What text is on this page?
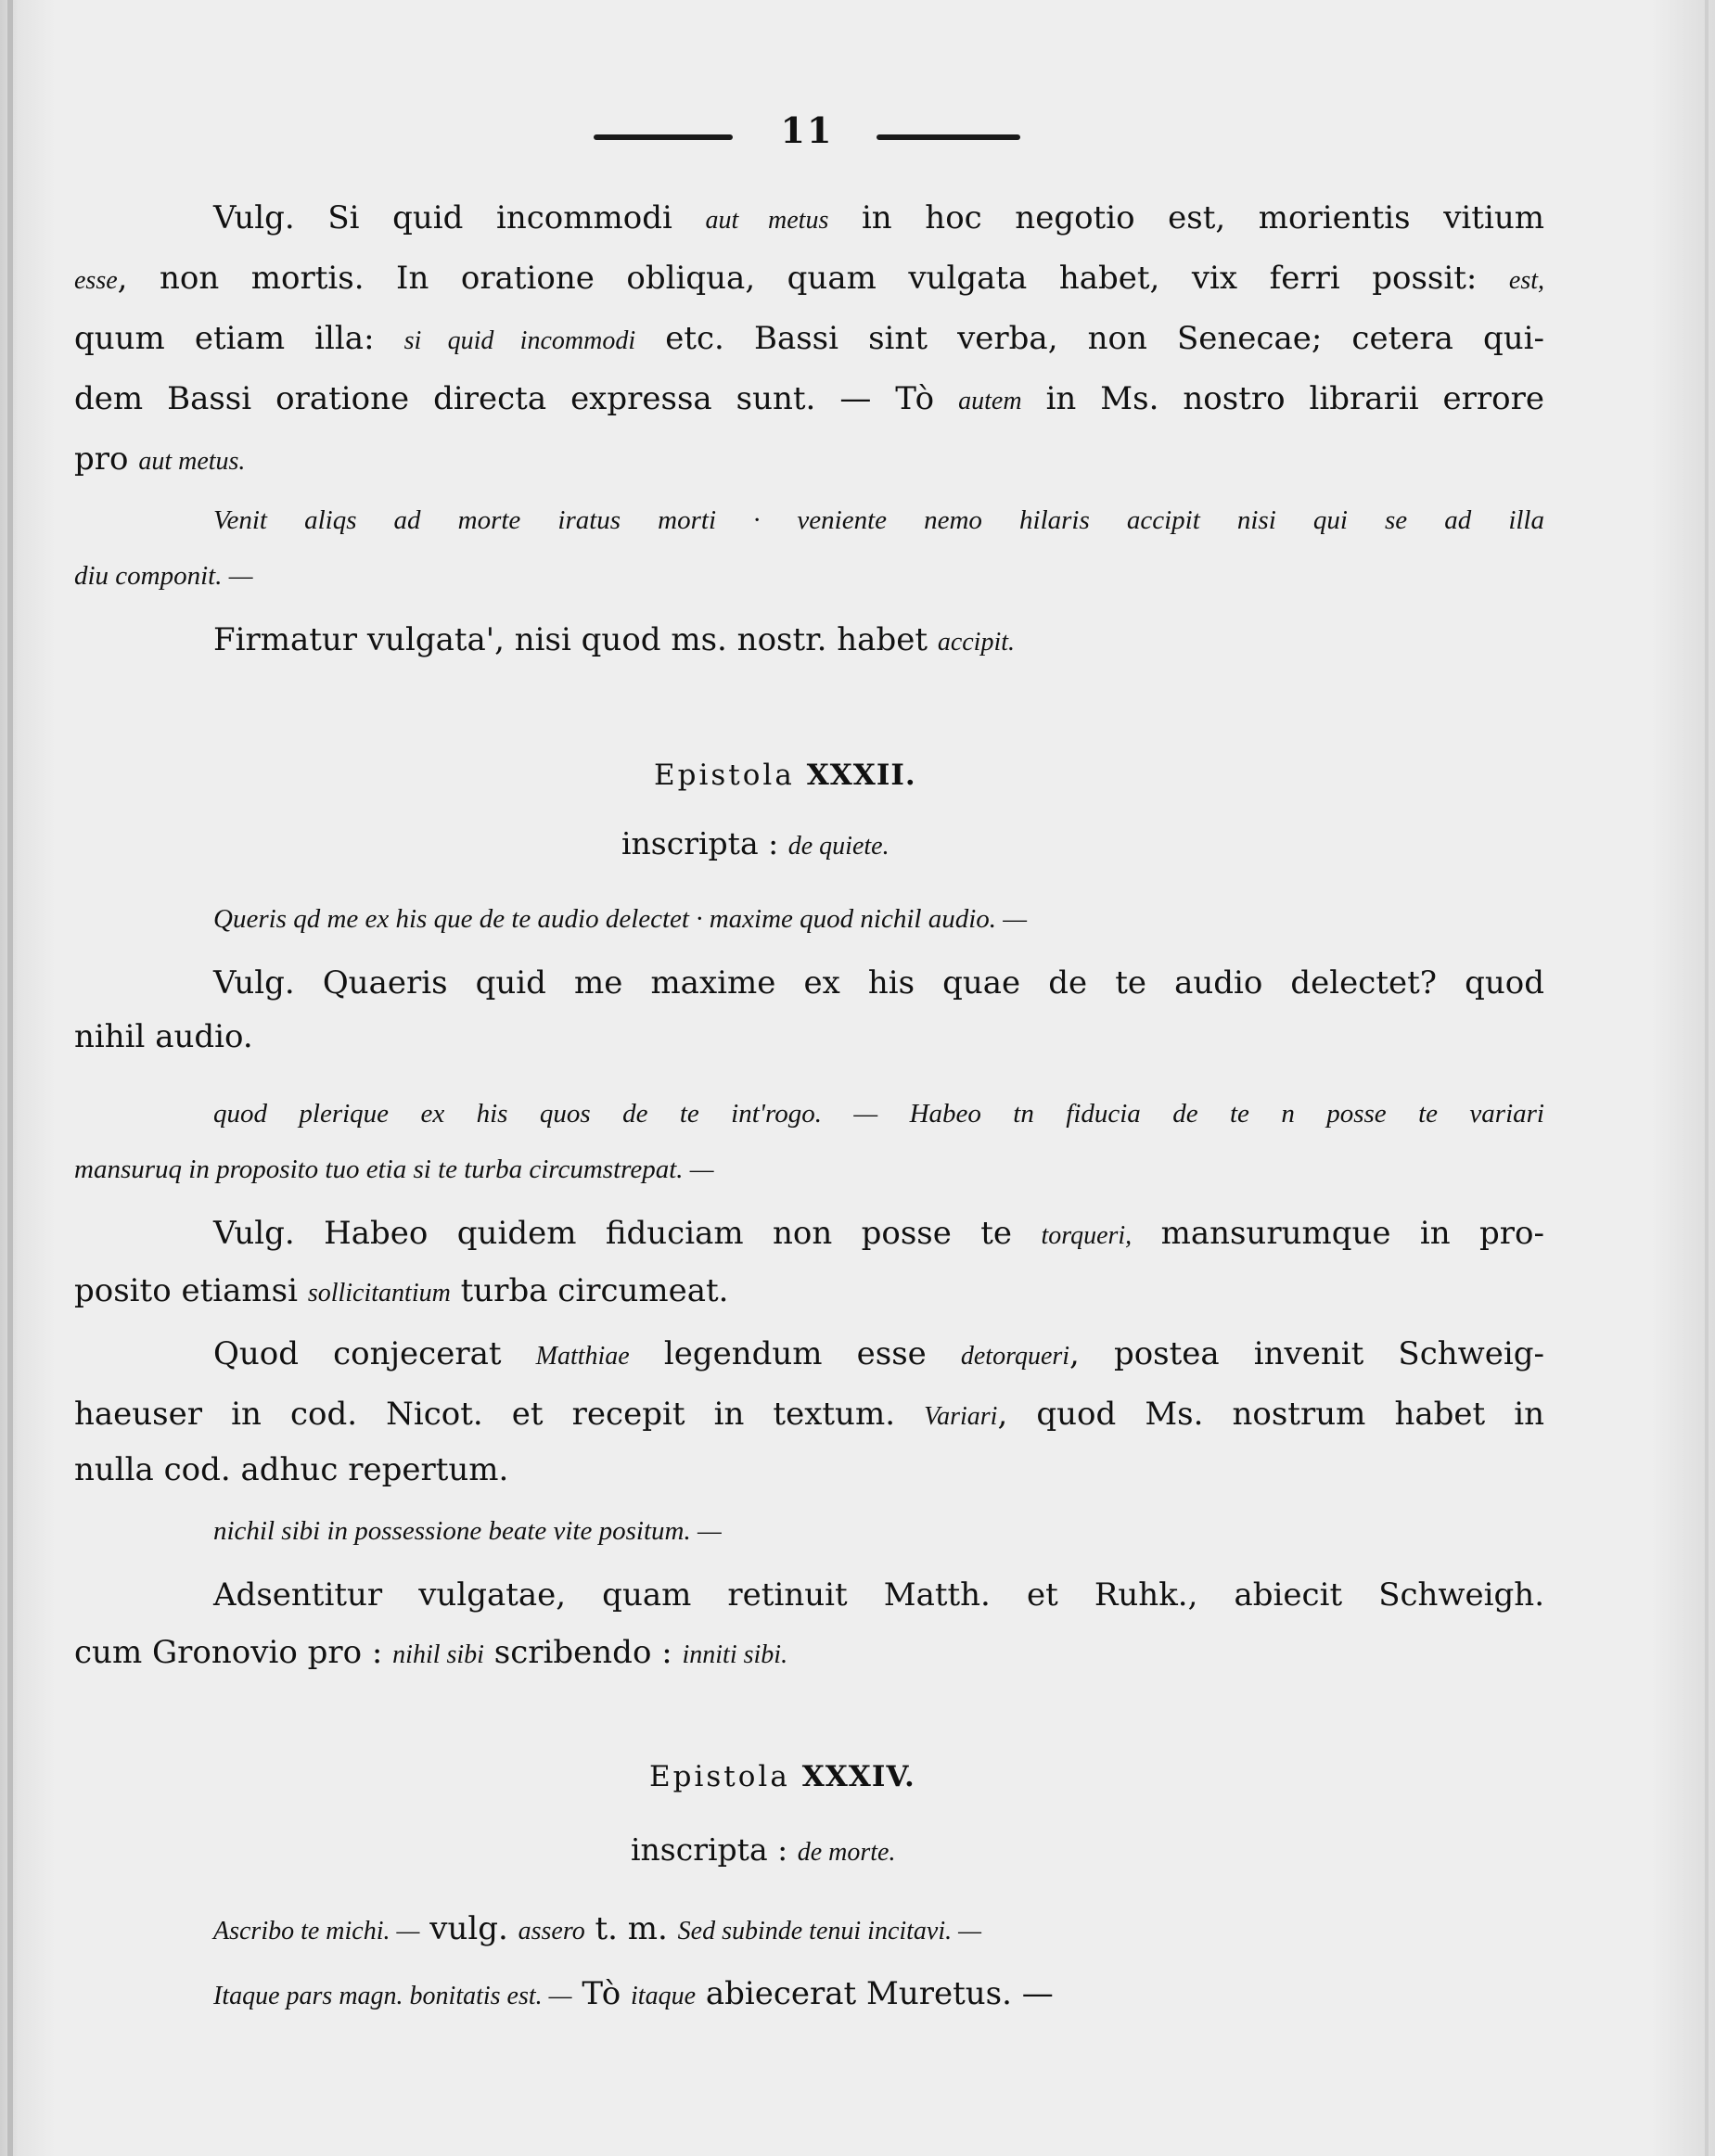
11
Vulg. Si quid incommodi aut metus in hoc negotio est, morientis vitium
esse, non mortis. In oratione obliqua, quam vulgata habet, vix ferri possit: est,
quum etiam illa: si quid incommodi etc. Bassi sint verba, non Senecae; cetera qui-
dem Bassi oratione directa expressa sunt. — Tò autem in Ms. nostro librarii errore
pro aut metus.
Venit aliqs ad morte iratus morti · veniente nemo hilaris accipit nisi qui se ad illa
diu componit. —
Firmatur vulgata', nisi quod ms. nostr. habet accipit.
Epistola XXXII.
inscripta : de quiete.
Queris qd me ex his que de te audio delectet · maxime quod nichil audio. —
Vulg. Quaeris quid me maxime ex his quae de te audio delectet? quod
nihil audio.
quod plerique ex his quos de te int'rogo. — Habeo tn fiducia de te n posse te variari
mansuruq in proposito tuo etia si te turba circumstrepat. —
Vulg. Habeo quidem fiduciam non posse te torqueri, mansurumque in pro-
posito etiamsi sollicitantium turba circumeat.
Quod conjecerat Matthiae legendum esse detorqueri, postea invenit Schweig-
haeuser in cod. Nicot. et recepit in textum. Variari, quod Ms. nostrum habet in
nulla cod. adhuc repertum.
nichil sibi in possessione beate vite positum. —
Adsentitur vulgatae, quam retinuit Matth. et Ruhk., abiecit Schweigh.
cum Gronovio pro : nihil sibi scribendo : inniti sibi.
Epistola XXXIV.
inscripta : de morte.
Ascribo te michi. — vulg. assero t. m. Sed subinde tenui incitavi. —
Itaque pars magn. bonitatis est. — Tò itaque abiecerat Muretus. —
